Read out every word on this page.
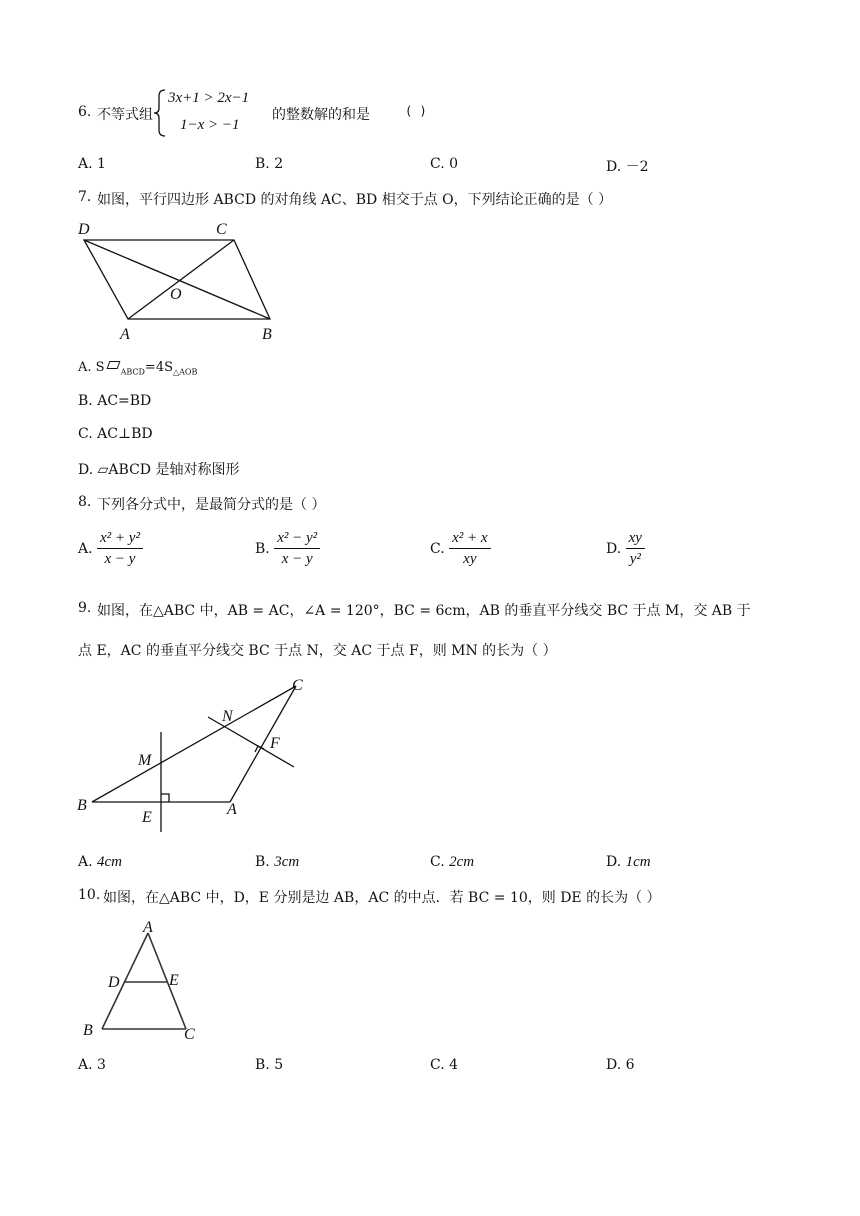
6. 不等式组
3x+1 > 2x−1
1−x > −1
的整数解的和是	( )
A. 1	B. 2	C. 0	D. －2
7. 如图，平行四边形 ABCD 的对角线 AC、BD 相交于点 O，下列结论正确的是（ ）
D	C
O
A	B
A. S $_{ABCD}=4S_{\triangle AOB}$
B. AC=BD
C. AC⊥BD
D. ▱ABCD 是轴对称图形
8. 下列各分式中，是最简分式的是（ ）
A. $\frac{\text{x² + y²}}{x - y}$	B. $\frac{\text{x² − y²}}{x - y}$	C. $\frac{\text{x² + x}}{xy}$	D. $\frac{xy}{\text{y²}}$
9. 如图，在△ABC 中，AB = AC，∠A = 120°，BC = 6cm，AB 的垂直平分线交 BC 于点 M，交 AB 于
点 E，AC 的垂直平分线交 BC 于点 N，交 AC 于点 F，则 MN 的长为（ ）
C
N
F
M
B
E	A
A. 4cm	B. 3cm	C. 2cm	D. 1cm
10. 如图，在△ABC 中，D，E 分别是边 AB，AC 的中点．若 BC = 10，则 DE 的长为（ ）
A
D	E
B	C
A. 3	B. 5	C. 4	D. 6
